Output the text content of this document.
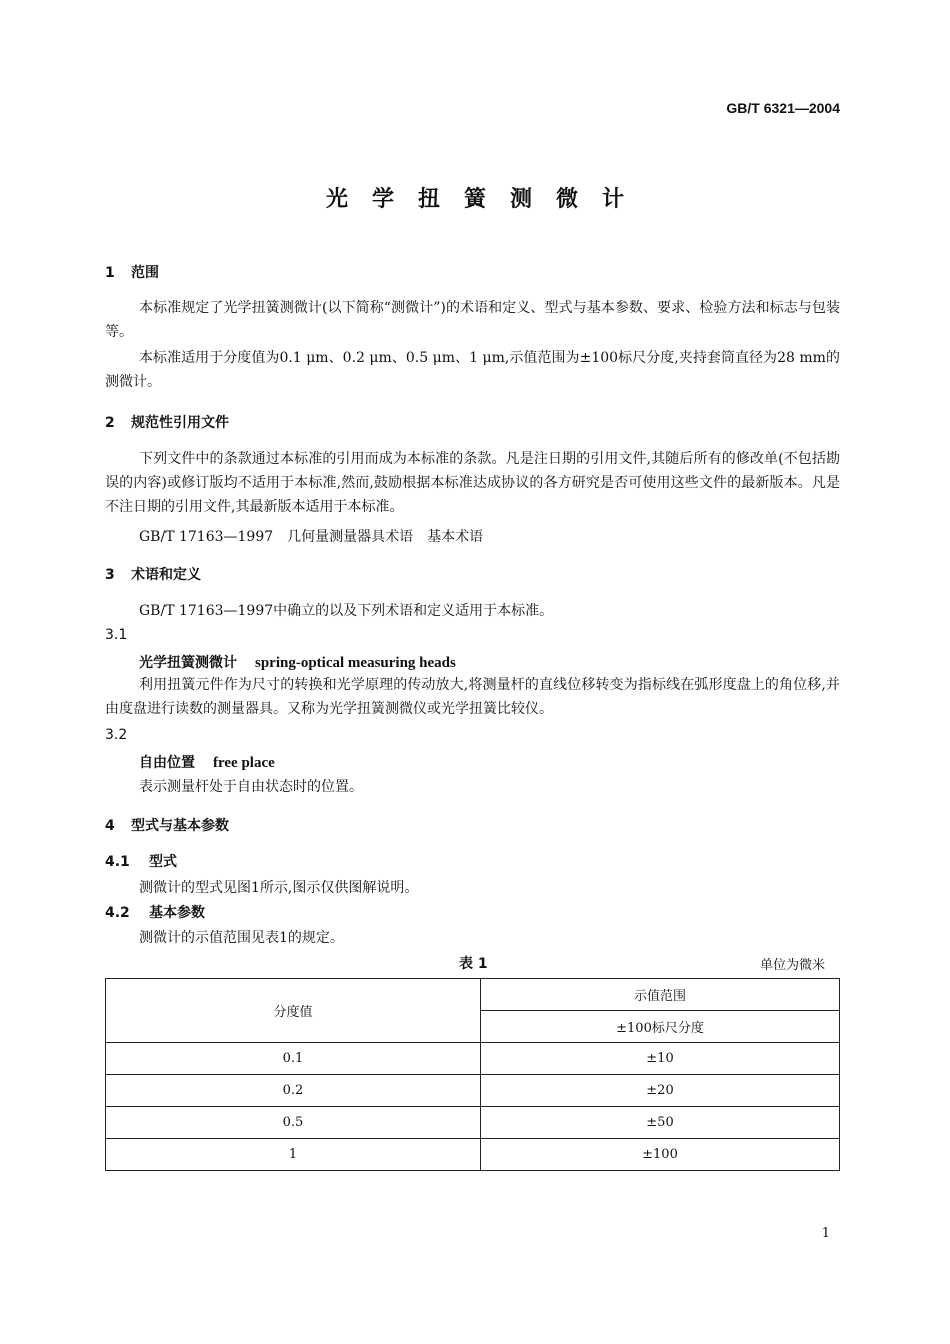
GB/T 6321—2004
光学扭簧测微计
1 范围
本标准规定了光学扭簧测微计(以下简称“测微计”)的术语和定义、型式与基本参数、要求、检验方法和标志与包装等。
本标准适用于分度值为0.1 μm、0.2 μm、0.5 μm、1 μm,示值范围为±100标尺分度,夹持套筒直径为28 mm的测微计。
2 规范性引用文件
下列文件中的条款通过本标准的引用而成为本标准的条款。凡是注日期的引用文件,其随后所有的修改单(不包括勘误的内容)或修订版均不适用于本标准,然而,鼓励根据本标准达成协议的各方研究是否可使用这些文件的最新版本。凡是不注日期的引用文件,其最新版本适用于本标准。
GB/T 17163—1997　几何量测量器具术语　基本术语
3 术语和定义
GB/T 17163—1997中确立的以及下列术语和定义适用于本标准。
3.1
光学扭簧测微计 spring-optical measuring heads
利用扭簧元件作为尺寸的转换和光学原理的传动放大,将测量杆的直线位移转变为指标线在弧形度盘上的角位移,并由度盘进行读数的测量器具。又称为光学扭簧测微仪或光学扭簧比较仪。
3.2
自由位置 free place
表示测量杆处于自由状态时的位置。
4 型式与基本参数
4.1 型式
测微计的型式见图1所示,图示仅供图解说明。
4.2 基本参数
测微计的示值范围见表1的规定。
表 1	单位为微米
分度值	示值范围
	±100标尺分度
0.1	±10
0.2	±20
0.5	±50
1	±100
1
